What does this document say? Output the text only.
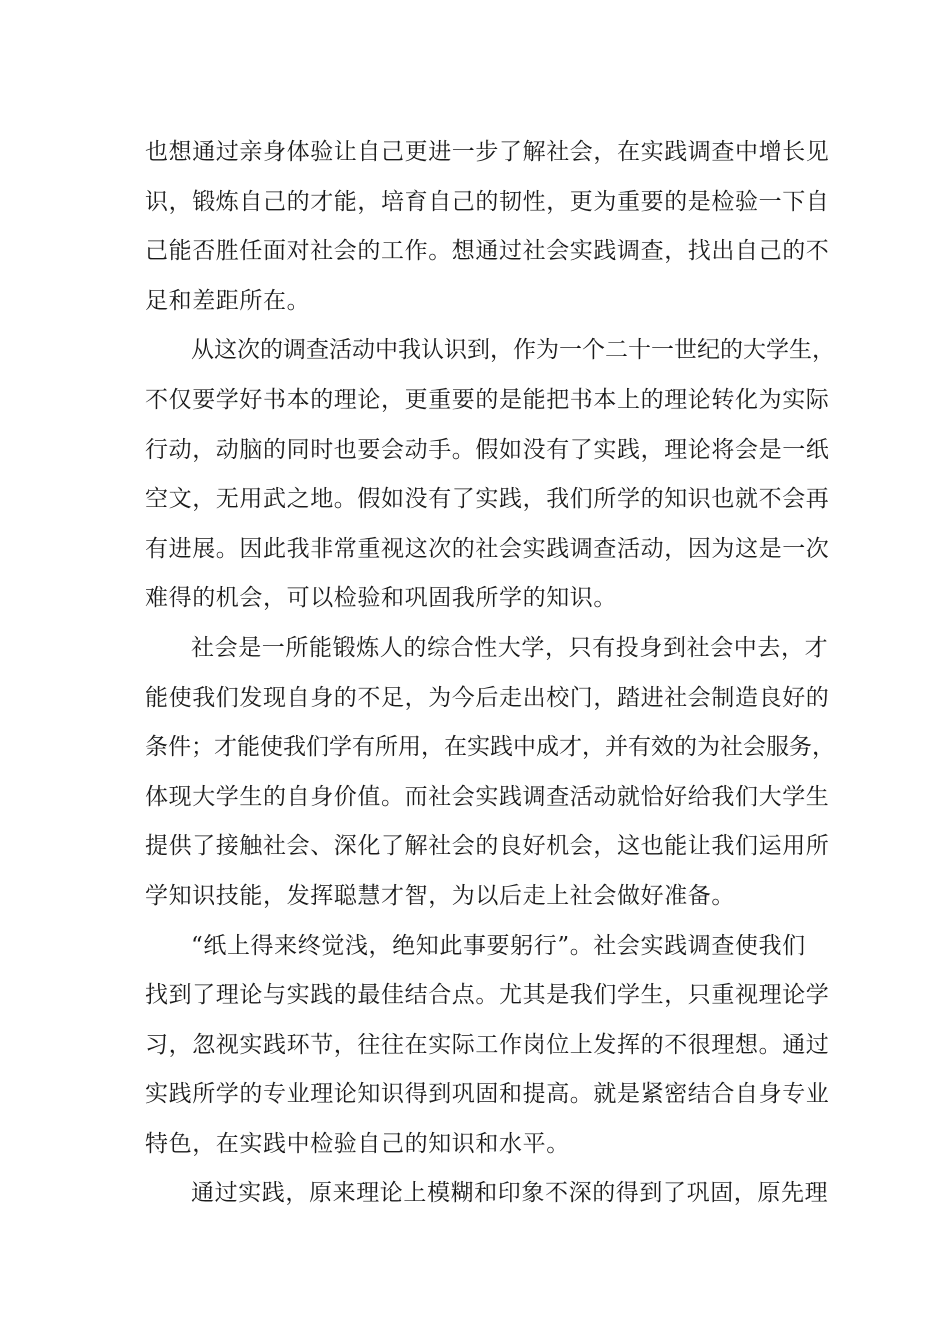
也想通过亲身体验让自己更进一步了解社会，在实践调查中增长见
识，锻炼自己的才能，培育自己的韧性，更为重要的是检验一下自
己能否胜任面对社会的工作。想通过社会实践调查，找出自己的不
足和差距所在。

从这次的调查活动中我认识到，作为一个二十一世纪的大学生，
不仅要学好书本的理论，更重要的是能把书本上的理论转化为实际
行动，动脑的同时也要会动手。假如没有了实践，理论将会是一纸
空文，无用武之地。假如没有了实践，我们所学的知识也就不会再
有进展。因此我非常重视这次的社会实践调查活动，因为这是一次
难得的机会，可以检验和巩固我所学的知识。

社会是一所能锻炼人的综合性大学，只有投身到社会中去，才
能使我们发现自身的不足，为今后走出校门，踏进社会制造良好的
条件；才能使我们学有所用，在实践中成才，并有效的为社会服务，
体现大学生的自身价值。而社会实践调查活动就恰好给我们大学生
提供了接触社会、深化了解社会的良好机会，这也能让我们运用所
学知识技能，发挥聪慧才智，为以后走上社会做好准备。

“纸上得来终觉浅，绝知此事要躬行”。社会实践调查使我们
找到了理论与实践的最佳结合点。尤其是我们学生，只重视理论学
习，忽视实践环节，往往在实际工作岗位上发挥的不很理想。通过
实践所学的专业理论知识得到巩固和提高。就是紧密结合自身专业
特色，在实践中检验自己的知识和水平。

通过实践，原来理论上模糊和印象不深的得到了巩固，原先理
